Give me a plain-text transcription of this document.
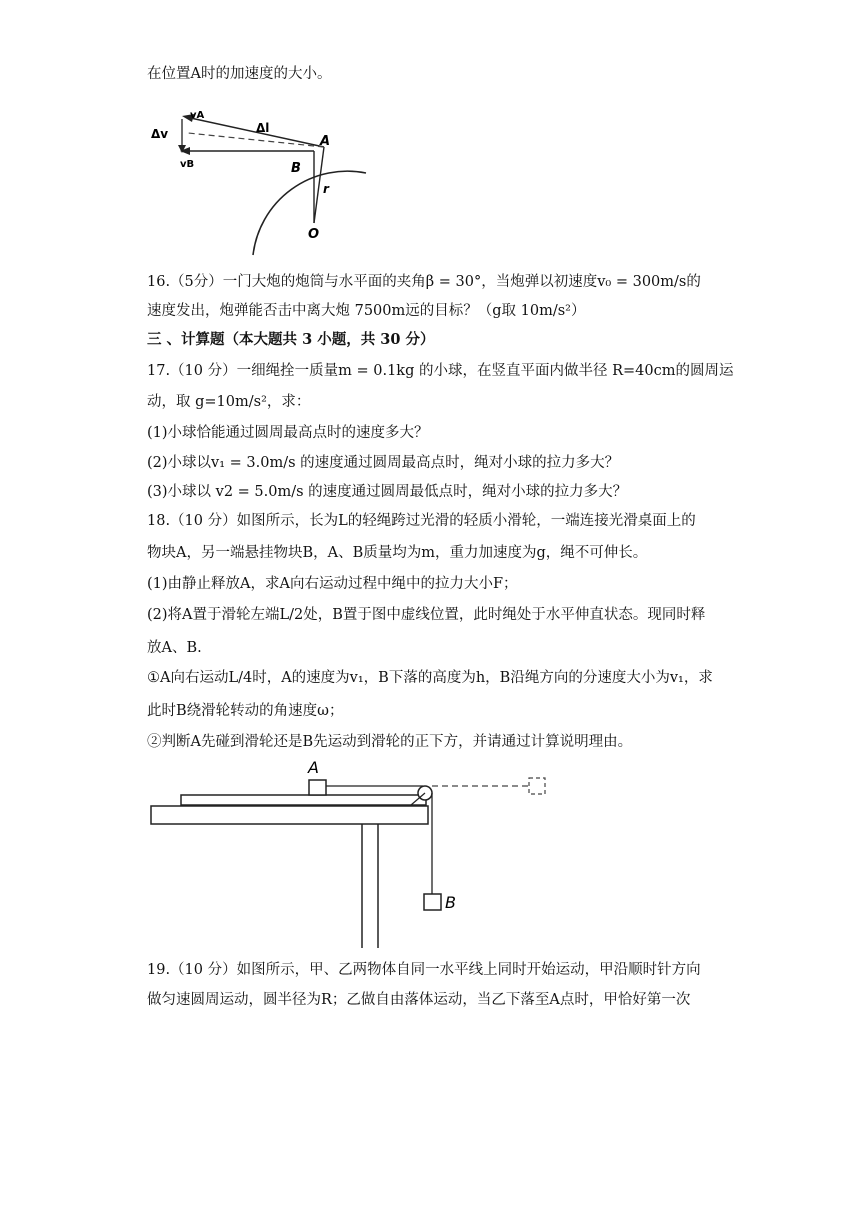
在位置A时的加速度的大小。
vA
vB
Δv	Δl
A
B
r
O
16.（5分）一门大炮的炮筒与水平面的夹角β = 30°，当炮弹以初速度v₀ = 300m/s的
速度发出，炮弹能否击中离大炮 7500m远的目标？（g取 10m/s²）
三 、计算题（本大题共 3 小题，共 30 分）
17.（10 分）一细绳拴一质量m = 0.1kg 的小球，在竖直平面内做半径 R=40cm的圆周运
动，取 g=10m/s²，求：
(1)小球恰能通过圆周最高点时的速度多大？
(2)小球以v₁ = 3.0m/s 的速度通过圆周最高点时，绳对小球的拉力多大？
(3)小球以 v2 = 5.0m/s 的速度通过圆周最低点时，绳对小球的拉力多大？
18.（10 分）如图所示，长为L的轻绳跨过光滑的轻质小滑轮，一端连接光滑桌面上的
物块A，另一端悬挂物块B，A、B质量均为m，重力加速度为g，绳不可伸长。
(1)由静止释放A，求A向右运动过程中绳中的拉力大小F；
(2)将A置于滑轮左端L/2处，B置于图中虚线位置，此时绳处于水平伸直状态。现同时释
放A、B.
①A向右运动L/4时，A的速度为v₁，B下落的高度为h，B沿绳方向的分速度大小为v₁，求
此时B绕滑轮转动的角速度ω；
②判断A先碰到滑轮还是B先运动到滑轮的正下方，并请通过计算说明理由。
A
B
19.（10 分）如图所示，甲、乙两物体自同一水平线上同时开始运动，甲沿顺时针方向
做匀速圆周运动，圆半径为R；乙做自由落体运动，当乙下落至A点时，甲恰好第一次
